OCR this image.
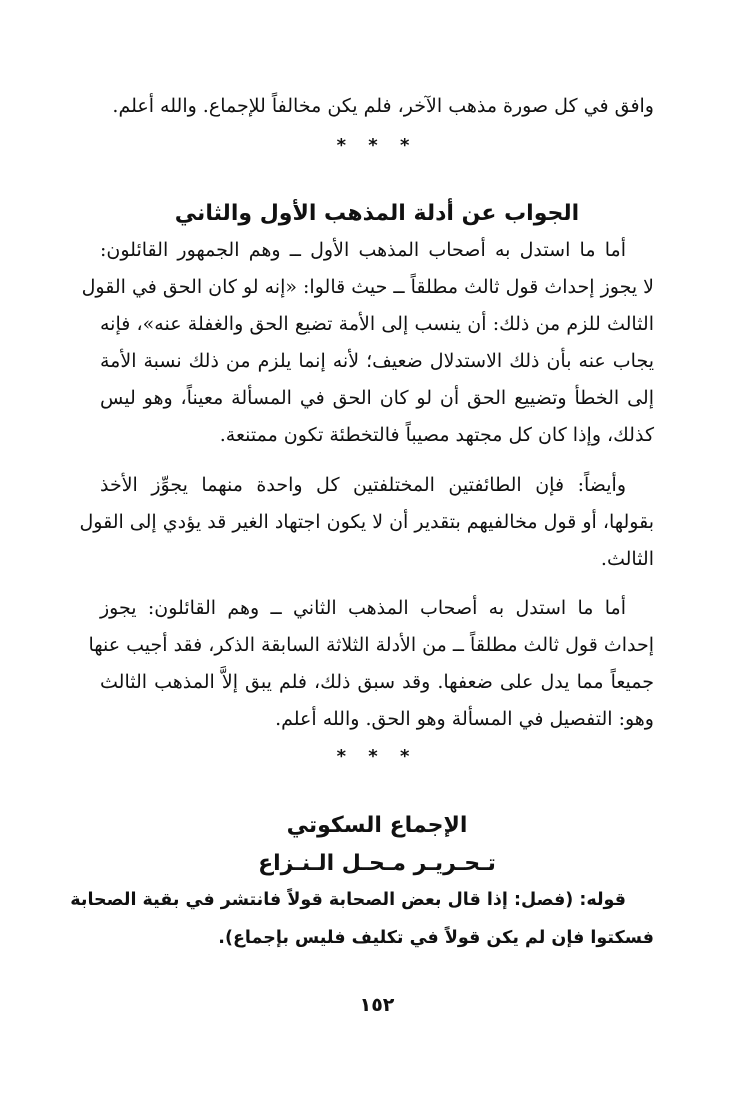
وافق في كل صورة مذهب الآخر، فلم يكن مخالفاً للإجماع. والله أعلم.
* * *
الجواب عن أدلة المذهب الأول والثاني
أما ما استدل به أصحاب المذهب الأول ــ وهم الجمهور القائلون:
لا يجوز إحداث قول ثالث مطلقاً ــ حيث قالوا: «إنه لو كان الحق في القول
الثالث للزم من ذلك: أن ينسب إلى الأمة تضيع الحق والغفلة عنه»، فإنه
يجاب عنه بأن ذلك الاستدلال ضعيف؛ لأنه إنما يلزم من ذلك نسبة الأمة
إلى الخطأ وتضييع الحق أن لو كان الحق في المسألة معيناً، وهو ليس
كذلك، وإذا كان كل مجتهد مصيباً فالتخطئة تكون ممتنعة.
وأيضاً: فإن الطائفتين المختلفتين كل واحدة منهما يجوِّز الأخذ
بقولها، أو قول مخالفيهم بتقدير أن لا يكون اجتهاد الغير قد يؤدي إلى القول
الثالث.
أما ما استدل به أصحاب المذهب الثاني ــ وهم القائلون: يجوز
إحداث قول ثالث مطلقاً ــ من الأدلة الثلاثة السابقة الذكر، فقد أجيب عنها
جميعاً مما يدل على ضعفها. وقد سبق ذلك، فلم يبق إلاَّ المذهب الثالث
وهو: التفصيل في المسألة وهو الحق. والله أعلم.
* * *
الإجماع السكوتي
تـحـريـر مـحـل الـنـزاع
قوله: (فصل: إذا قال بعض الصحابة قولاً فانتشر في بقية الصحابة
فسكتوا فإن لم يكن قولاً في تكليف فليس بإجماع).
١٥٢
